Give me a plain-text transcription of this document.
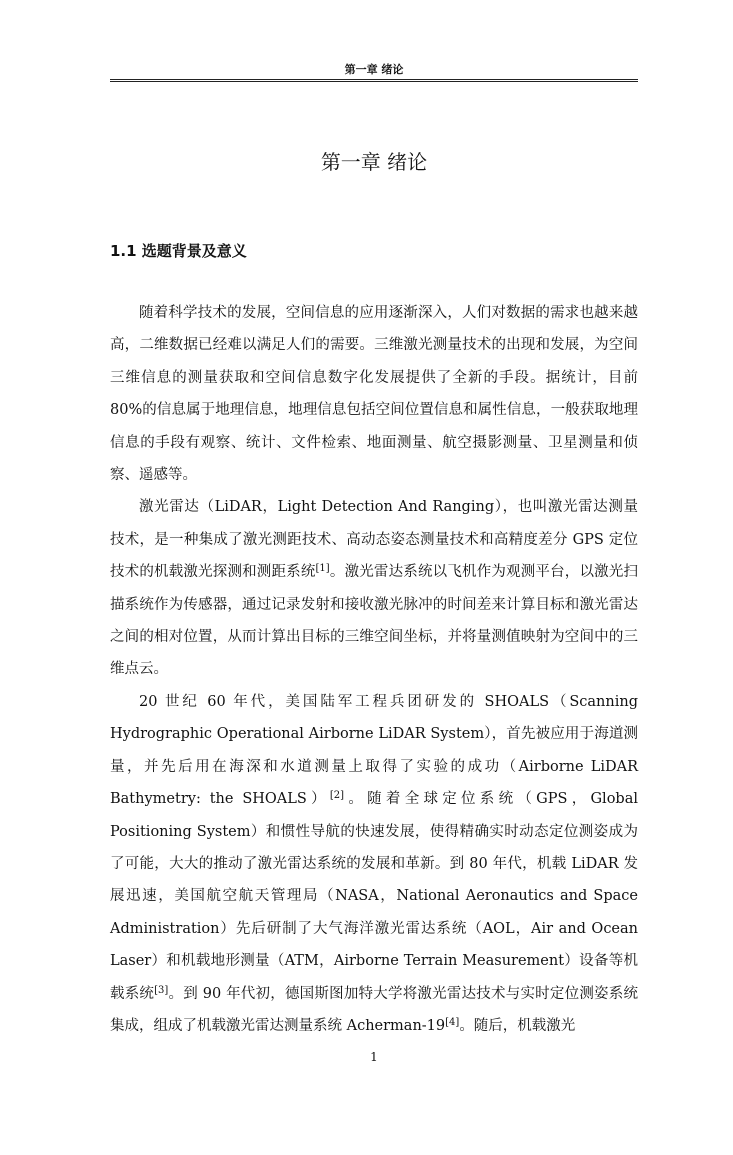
第一章 绪论
第一章 绪论
1.1 选题背景及意义

随着科学技术的发展，空间信息的应用逐渐深入，人们对数据的需求也越来越高，二维数据已经难以满足人们的需要。三维激光测量技术的出现和发展，为空间三维信息的测量获取和空间信息数字化发展提供了全新的手段。据统计，目前 80%的信息属于地理信息，地理信息包括空间位置信息和属性信息，一般获取地理信息的手段有观察、统计、文件检索、地面测量、航空摄影测量、卫星测量和侦察、遥感等。

激光雷达（LiDAR，Light Detection And Ranging），也叫激光雷达测量技术，是一种集成了激光测距技术、高动态姿态测量技术和高精度差分 GPS 定位技术的机载激光探测和测距系统[1]。激光雷达系统以飞机作为观测平台，以激光扫描系统作为传感器，通过记录发射和接收激光脉冲的时间差来计算目标和激光雷达之间的相对位置，从而计算出目标的三维空间坐标，并将量测值映射为空间中的三维点云。

20 世纪 60 年代，美国陆军工程兵团研发的 SHOALS（Scanning Hydrographic Operational Airborne LiDAR System），首先被应用于海道测量，并先后用在海深和水道测量上取得了实验的成功（Airborne LiDAR Bathymetry: the SHOALS）[2]。随着全球定位系统（GPS，Global Positioning System）和惯性导航的快速发展，使得精确实时动态定位测姿成为了可能，大大的推动了激光雷达系统的发展和革新。到 80 年代，机载 LiDAR 发展迅速，美国航空航天管理局（NASA，National Aeronautics and Space Administration）先后研制了大气海洋激光雷达系统（AOL，Air and Ocean Laser）和机载地形测量（ATM，Airborne Terrain Measurement）设备等机载系统[3]。到 90 年代初，德国斯图加特大学将激光雷达技术与实时定位测姿系统集成，组成了机载激光雷达测量系统 Acherman-19[4]。随后，机载激光

1
